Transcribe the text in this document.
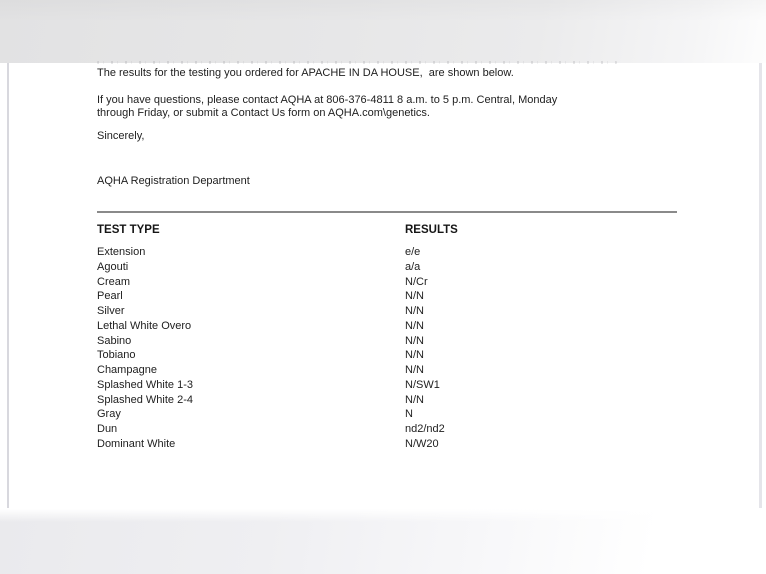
The results for the testing you ordered for APACHE IN DA HOUSE,  are shown below.
If you have questions, please contact AQHA at 806-376-4811 8 a.m. to 5 p.m. Central, Monday
through Friday, or submit a Contact Us form on AQHA.com\genetics.
Sincerely,
AQHA Registration Department
TEST TYPE	RESULTS
Extension	e/e
Agouti	a/a
Cream	N/Cr
Pearl	N/N
Silver	N/N
Lethal White Overo	N/N
Sabino	N/N
Tobiano	N/N
Champagne	N/N
Splashed White 1-3	N/SW1
Splashed White 2-4	N/N
Gray	N
Dun	nd2/nd2
Dominant White	N/W20
